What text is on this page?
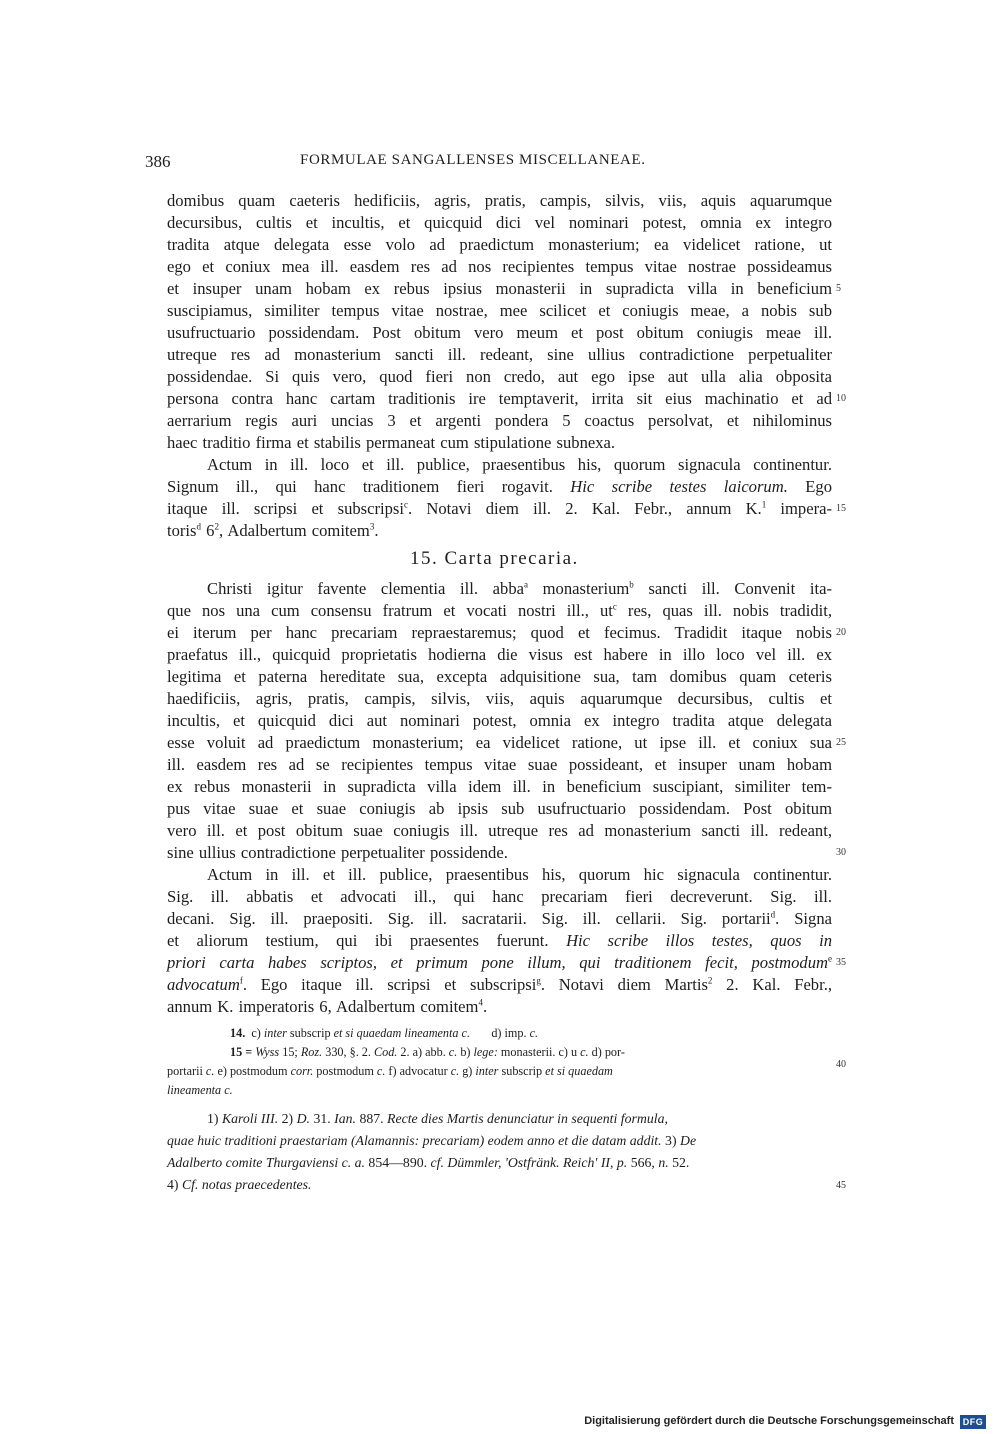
386	FORMULAE SANGALLENSES MISCELLANEAE.
domibus quam caeteris hedificiis, agris, pratis, campis, silvis, viis, aquis aquarumque
decursibus, cultis et incultis, et quicquid dici vel nominari potest, omnia ex integro
tradita atque delegata esse volo ad praedictum monasterium; ea videlicet ratione, ut
ego et coniux mea ill. easdem res ad nos recipientes tempus vitae nostrae possideamus
et insuper unam hobam ex rebus ipsius monasterii in supradicta villa in beneficium
suscipiamus, similiter tempus vitae nostrae, mee scilicet et coniugis meae, a nobis sub
usufructuario possidendam. Post obitum vero meum et post obitum coniugis meae ill.
utreque res ad monasterium sancti ill. redeant, sine ullius contradictione perpetualiter
possidendae. Si quis vero, quod fieri non credo, aut ego ipse aut ulla alia obposita
persona contra hanc cartam traditionis ire temptaverit, irrita sit eius machinatio et ad
aerrarium regis auri uncias 3 et argenti pondera 5 coactus persolvat, et nihilominus
haec traditio firma et stabilis permaneat cum stipulatione subnexa.
Actum in ill. loco et ill. publice, praesentibus his, quorum signacula continentur.
Signum ill., qui hanc traditionem fieri rogavit. Hic scribe testes laicorum. Ego
itaque ill. scripsi et subscripsi$^c$. Notavi diem ill. 2. Kal. Febr., annum K.$^1$ impera-
toris$^d$ $6^2$, Adalbertum comitem$^3$.
15. Carta precaria.
Christi igitur favente clementia ill. abba$^a$ monasterium$^b$ sancti ill. Convenit ita-
que nos una cum consensu fratrum et vocati nostri ill., $ut^c$ res, quas ill. nobis tradidit,
ei iterum per hanc precariam repraestaremus; quod et fecimus. Tradidit itaque nobis
praefatus ill., quicquid proprietatis hodierna die visus est habere in illo loco vel ill. ex
legitima et paterna hereditate sua, excepta adquisitione sua, tam domibus quam ceteris
haedificiis, agris, pratis, campis, silvis, viis, aquis aquarumque decursibus, cultis et
incultis, et quicquid dici aut nominari potest, omnia ex integro tradita atque delegata
esse voluit ad praedictum monasterium; ea videlicet ratione, ut ipse ill. et coniux sua
ill. easdem res ad se recipientes tempus vitae suae possideant, et insuper unam hobam
ex rebus monasterii in supradicta villa idem ill. in beneficium suscipiant, similiter tem-
pus vitae suae et suae coniugis ab ipsis sub usufructuario possidendam. Post obitum
vero ill. et post obitum suae coniugis ill. utreque res ad monasterium sancti ill. redeant,
sine ullius contradictione perpetualiter possidende.
Actum in ill. et ill. publice, praesentibus his, quorum hic signacula continentur.
Sig. ill. abbatis et advocati ill., qui hanc precariam fieri decreverunt. Sig. ill.
decani. Sig. ill. praepositi. Sig. ill. sacratarii. Sig. ill. cellarii. Sig. portarii$^d$. Signa
et aliorum testium, qui ibi praesentes fuerunt. Hic scribe illos testes, quos in
priori carta habes scriptos, et primum pone illum, qui traditionem fecit, postmodum$^e$
advocatum$^f$. Ego itaque ill. scripsi et subscripsi$^g$. Notavi diem Martis$^2$ 2. Kal. Febr.,
annum K. imperatoris 6, Adalbertum comitem$^4$.
5
10
15
20
25
30
35
40
45
14. c) inter subscrip et si quaedam lineamenta c. d) imp. c.
15 = Wyss 15; Roz. 330, §. 2. Cod. 2. a) abb. c. b) lege: monasterii. c) u c. d) por-
portarii c. e) postmodum corr. postmodum c. f) advocatur c. g) inter subscrip et si quaedam
lineamenta c.
1) Karoli III. 2) D. 31. Ian. 887. Recte dies Martis denunciatur in sequenti formula,
quae huic traditioni praestariam (Alamannis: precariam) eodem anno et die datam addit. 3) De
Adalberto comite Thurgaviensi c. a. 854—890. cf. Dümmler, 'Ostfränk. Reich' II, p. 566, n. 52.
4) Cf. notas praecedentes.
Digitalisierung gefördert durch die Deutsche Forschungsgemeinschaft DFG
